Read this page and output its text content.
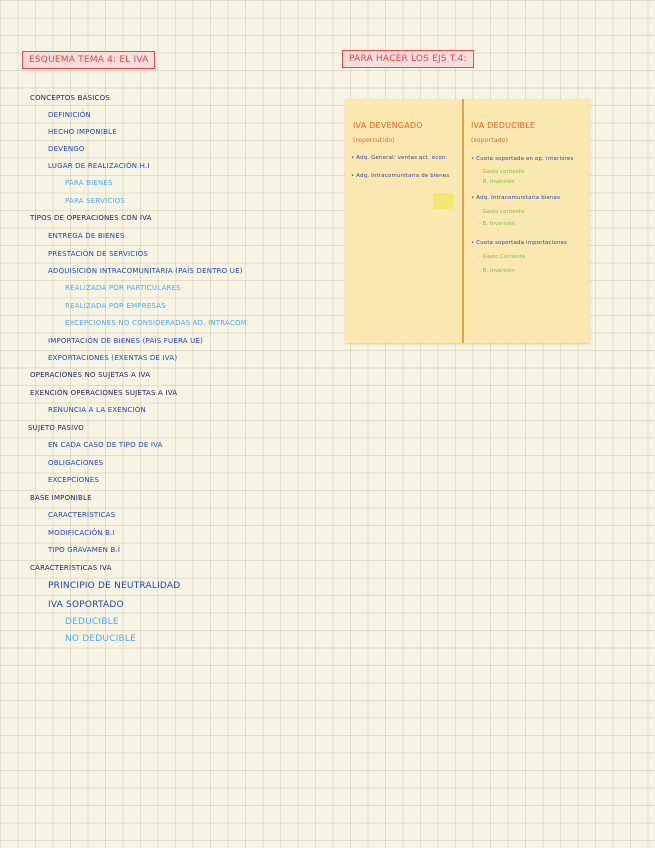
ESQUEMA TEMA 4: EL IVA	PARA HACER LOS EJS T.4:
CONCEPTOS BÁSICOS
DEFINICIÓN
HECHO IMPONIBLE
DEVENGO
LUGAR DE REALIZACIÓN H.I
PARA BIENES
PARA SERVICIOS
TIPOS DE OPERACIONES CON IVA
ENTREGA DE BIENES
PRESTACIÓN DE SERVICIOS
ADQUISICIÓN INTRACOMUNITARIA (PAÍS DENTRO UE)
REALIZADA POR PARTICULARES
REALIZADA POR EMPRESAS
EXCEPCIONES NO CONSIDERADAS AD. INTRACOM.
IMPORTACIÓN DE BIENES (PAÍS FUERA UE)
EXPORTACIONES (EXENTAS DE IVA)
OPERACIONES NO SUJETAS A IVA
EXENCIÓN OPERACIONES SUJETAS A IVA
RENUNCIA A LA EXENCIÓN
SUJETO PASIVO
EN CADA CASO DE TIPO DE IVA
OBLIGACIONES
EXCEPCIONES
BASE IMPONIBLE
CARACTERÍSTICAS
MODIFICACIÓN B.I
TIPO GRAVAMEN B.I
CARACTERÍSTICAS IVA
PRINCIPIO DE NEUTRALIDAD
IVA SOPORTADO
DEDUCIBLE
NO DEDUCIBLE
IVA DEVENGADO
(repercutido)
• Adq. General: ventas act. econ.
• Adq. Intracomunitaria de bienes
IVA DEDUCIBLE
(soportado)
• Cuota soportada en op. interiores
- Gasto corriente
- B. Inversión
• Adq. Intracomunitaria bienes
- Gasto corriente
- B. Inversión
• Cuota soportada importaciones
- Gasto Corriente
- B. Inversión
